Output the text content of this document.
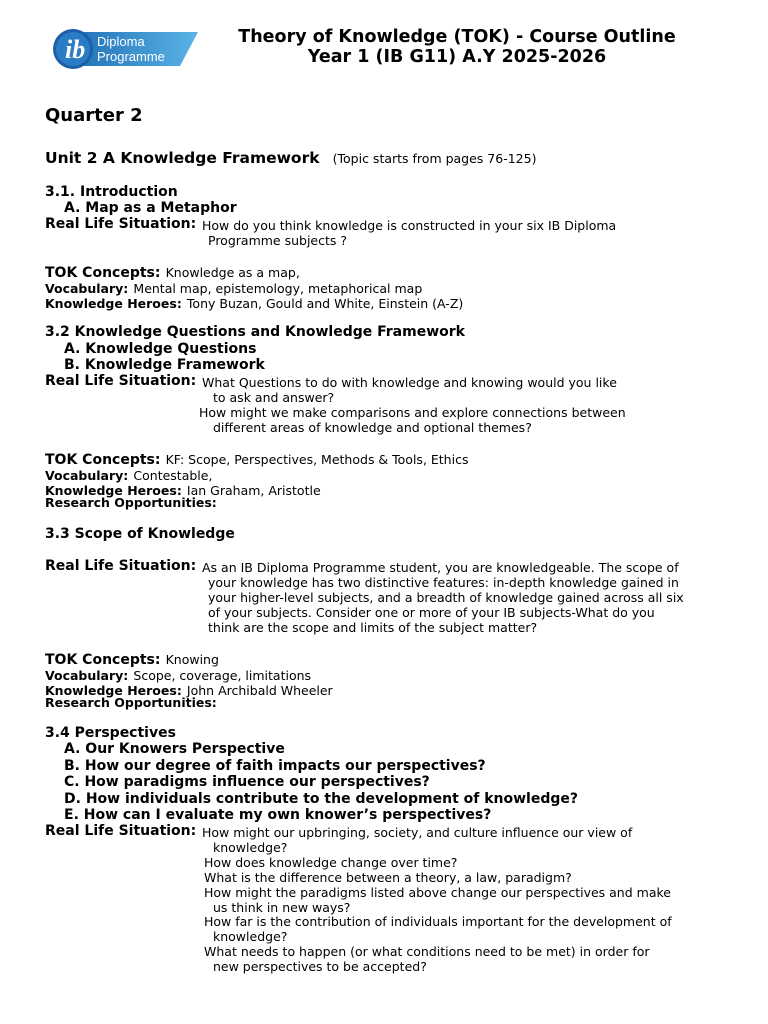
ib Diploma
Programme
Theory of Knowledge (TOK) - Course Outline
Year 1 (IB G11) A.Y 2025-2026
Quarter 2
Unit 2 A Knowledge Framework (Topic starts from pages 76-125)
3.1. Introduction
A. Map as a Metaphor
Real Life Situation: How do you think knowledge is constructed in your six IB Diploma
Programme subjects ?
TOK Concepts: Knowledge as a map,
Vocabulary: Mental map, epistemology, metaphorical map
Knowledge Heroes: Tony Buzan, Gould and White, Einstein (A-Z)
3.2 Knowledge Questions and Knowledge Framework
A. Knowledge Questions
B. Knowledge Framework
Real Life Situation: What Questions to do with knowledge and knowing would you like
to ask and answer?
How might we make comparisons and explore connections between
different areas of knowledge and optional themes?
TOK Concepts: KF: Scope, Perspectives, Methods & Tools, Ethics
Vocabulary: Contestable,
Knowledge Heroes: Ian Graham, Aristotle
Research Opportunities:
3.3 Scope of Knowledge
Real Life Situation: As an IB Diploma Programme student, you are knowledgeable. The scope of
your knowledge has two distinctive features: in-depth knowledge gained in
your higher-level subjects, and a breadth of knowledge gained across all six
of your subjects. Consider one or more of your IB subjects-What do you
think are the scope and limits of the subject matter?
TOK Concepts: Knowing
Vocabulary: Scope, coverage, limitations
Knowledge Heroes: John Archibald Wheeler
Research Opportunities:
3.4 Perspectives
A. Our Knowers Perspective
B. How our degree of faith impacts our perspectives?
C. How paradigms influence our perspectives?
D. How individuals contribute to the development of knowledge?
E. How can I evaluate my own knower’s perspectives?
Real Life Situation: How might our upbringing, society, and culture influence our view of
knowledge?
How does knowledge change over time?
What is the difference between a theory, a law, paradigm?
How might the paradigms listed above change our perspectives and make
us think in new ways?
How far is the contribution of individuals important for the development of
knowledge?
What needs to happen (or what conditions need to be met) in order for
new perspectives to be accepted?
